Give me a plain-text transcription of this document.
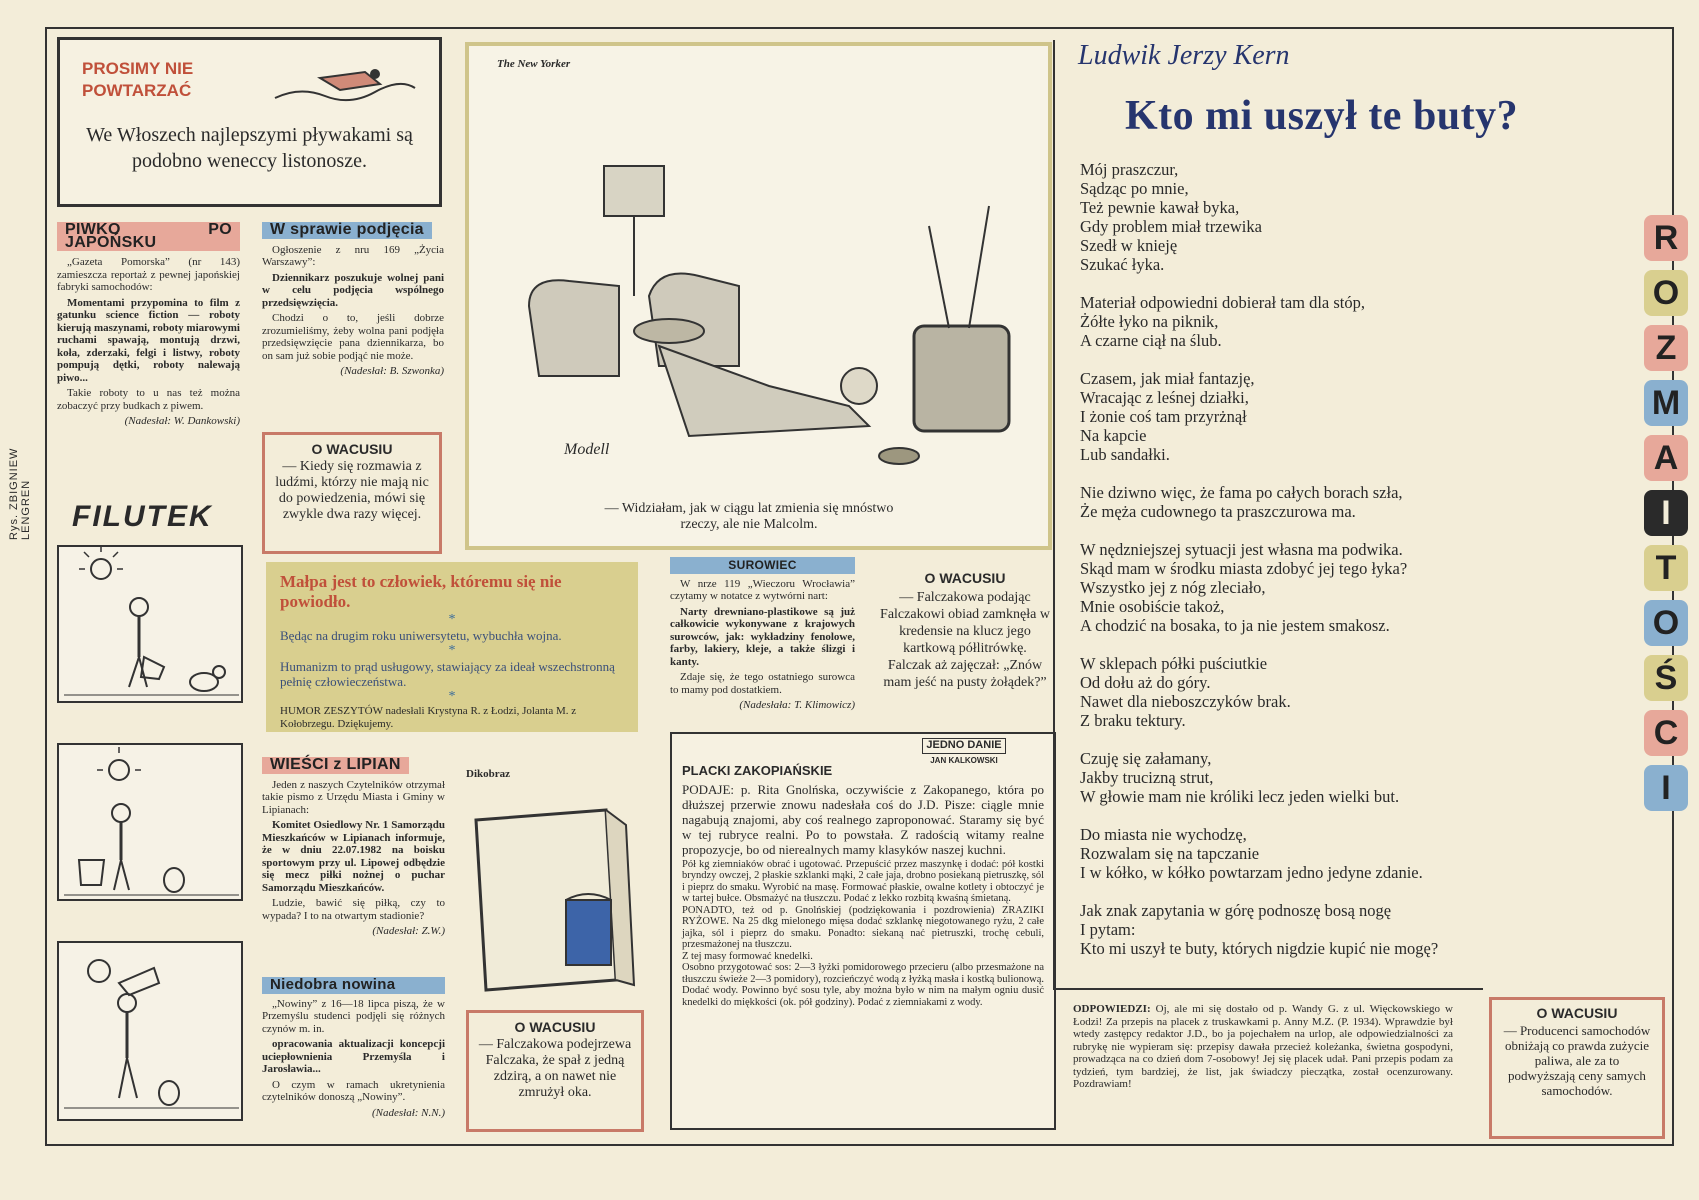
Rys. ZBIGNIEW LENGREN
PROSIMY NIE POWTARZAĆ
We Włoszech najlepszymi pływakami są podobno weneccy listonosze.
PIWKO PO JAPOŃSKU

„Gazeta Pomorska” (nr 143) zamieszcza reportaż z pewnej japońskiej fabryki samochodów:

Momentami przypomina to film z gatunku science fiction — roboty kierują maszynami, roboty miarowymi ruchami spawają, montują drzwi, koła, zderzaki, felgi i listwy, roboty pompują dętki, roboty nalewają piwo...

Takie roboty to u nas też można zobaczyć przy budkach z piwem.

(Nadesłał: W. Dankowski)
W sprawie podjęcia

Ogłoszenie z nru 169 „Życia Warszawy”:

Dziennikarz poszukuje wolnej pani w celu podjęcia wspólnego przedsięwzięcia.

Chodzi o to, jeśli dobrze zrozumieliśmy, żeby wolna pani podjęła przedsięwzięcie pana dziennikarza, bo on sam już sobie podjąć nie może.

(Nadesłał: B. Szwonka)
O WACUSIU
— Kiedy się rozmawia z ludźmi, którzy nie mają nic do powiedzenia, mówi się zwykle dwa razy więcej.
FILUTEK
The New Yorker
Modell
— Widziałam, jak w ciągu lat zmienia się mnóstwo rzeczy, ale nie Malcolm.
Małpa jest to człowiek, któremu się nie powiodło.
*
Będąc na drugim roku uniwersytetu, wybuchła wojna.
*
Humanizm to prąd usługowy, stawiający za ideał wszechstronną pełnię człowieczeństwa.
*
HUMOR ZESZYTÓW nadesłali Krystyna R. z Łodzi, Jolanta M. z Kołobrzegu. Dziękujemy.
SUROWIEC

W nrze 119 „Wieczoru Wrocławia” czytamy w notatce z wytwórni nart:

Narty drewniano-plastikowe są już całkowicie wykonywane z krajowych surowców, jak: wykładziny fenolowe, farby, lakiery, kleje, a także ślizgi i kanty.

Zdaje się, że tego ostatniego surowca to mamy pod dostatkiem.

(Nadesłała: T. Klimowicz)
O WACUSIU
— Falczakowa podając Falczakowi obiad zamknęła w kredensie na klucz jego kartkową półlitrówkę. Falczak aż zajęczał: „Znów mam jeść na pusty żołądek?”
WIEŚCI z LIPIAN

Jeden z naszych Czytelników otrzymał takie pismo z Urzędu Miasta i Gminy w Lipianach:

Komitet Osiedlowy Nr. 1 Samorządu Mieszkańców w Lipianach informuje, że w dniu 22.07.1982 na boisku sportowym przy ul. Lipowej odbędzie się mecz piłki nożnej o puchar Samorządu Mieszkańców.

Ludzie, bawić się piłką, czy to wypada? I to na otwartym stadionie?

(Nadesłał: Z.W.)
Niedobra nowina

„Nowiny” z 16—18 lipca piszą, że w Przemyślu studenci podjęli się różnych czynów m. in.

opracowania aktualizacji koncepcji uciepłownienia Przemyśla i Jarosławia...

O czym w ramach ukretynienia czytelników donoszą „Nowiny”.

(Nadesłał: N.N.)
Dikobraz
O WACUSIU
— Falczakowa podejrzewa Falczaka, że spał z jedną zdzirą, a on nawet nie zmrużył oka.
PLACKI ZAKOPIAŃSKIE
JEDNO DANIE
JAN KALKOWSKI
PODAJE: p. Rita Gnolńska, oczywiście z Zakopanego, która po dłuższej przerwie znowu nadesłała coś do J.D. Pisze: ciągle mnie nagabują znajomi, aby coś realnego zaproponować. Staramy się być w tej rubryce realni. Po to powstała. Z radością witamy realne propozycje, bo od nierealnych mamy klasyków naszej kuchni.
Pół kg ziemniaków obrać i ugotować. Przepuścić przez maszynkę i dodać: pół kostki bryndzy owczej, 2 płaskie szklanki mąki, 2 całe jaja, drobno posiekaną pietruszkę, sól i pieprz do smaku. Wyrobić na masę. Formować płaskie, owalne kotlety i obtoczyć je w tartej bułce. Obsmażyć na tłuszczu. Podać z lekko rozbitą kwaśną śmietaną.
PONADTO, też od p. Gnolńskiej (podziękowania i pozdrowienia) ZRAZIKI RYŻOWE. Na 25 dkg mielonego mięsa dodać szklankę niegotowanego ryżu, 2 całe jajka, sól i pieprz do smaku. Ponadto: siekaną nać pietruszki, trochę cebuli, przesmażonej na tłuszczu.
Z tej masy formować knedelki.
Osobno przygotować sos: 2—3 łyżki pomidorowego przecieru (albo przesmażone na tłuszczu świeże 2—3 pomidory), rozcieńczyć wodą z łyżką masła i kostką bulionową. Dodać wody. Powinno być sosu tyle, aby można było w nim na małym ogniu dusić knedelki do miękkości (ok. pół godziny). Podać z ziemniakami z wody.
ODPOWIEDZI: Oj, ale mi się dostało od p. Wandy G. z ul. Więckowskiego w Łodzi! Za przepis na placek z truskawkami p. Anny M.Z. (P. 1934). Wprawdzie był wtedy zastępcy redaktor J.D., bo ja pojechałem na urlop, ale odpowiedzialności za rubrykę nie wypieram się: przepisy dawała przecież koleżanka, świetna gospodyni, prowadząca na co dzień dom 7-osobowy! Jej się placek udał. Pani przepis podam za tydzień, tym bardziej, że list, jak świadczy pieczątka, został ocenzurowany. Pozdrawiam!
O WACUSIU
— Producenci samochodów obniżają co prawda zużycie paliwa, ale za to podwyższają ceny samych samochodów.
Ludwik Jerzy Kern
Kto mi uszył te buty?

Mój praszczur,
Sądząc po mnie,
Też pewnie kawał byka,
Gdy problem miał trzewika
Szedł w knieję
Szukać łyka.

Materiał odpowiedni dobierał tam dla stóp,
Żółte łyko na piknik,
A czarne ciął na ślub.

Czasem, jak miał fantazję,
Wracając z leśnej działki,
I żonie coś tam przyrżnął
Na kapcie
Lub sandałki.

Nie dziwno więc, że fama po całych borach szła,
Że męża cudownego ta praszczurowa ma.

W nędzniejszej sytuacji jest własna ma podwika.
Skąd mam w środku miasta zdobyć jej tego łyka?
Wszystko jej z nóg zleciało,
Mnie osobiście takoż,
A chodzić na bosaka, to ja nie jestem smakosz.

W sklepach półki puściutkie
Od dołu aż do góry.
Nawet dla nieboszczyków brak.
Z braku tektury.

Czuję się załamany,
Jakby trucizną strut,
W głowie mam nie króliki lecz jeden wielki but.

Do miasta nie wychodzę,
Rozwalam się na tapczanie
I w kółko, w kółko powtarzam jedno jedyne zdanie.

Jak znak zapytania w górę podnoszę bosą nogę
I pytam:
Kto mi uszył te buty, których nigdzie kupić nie mogę?

R
O
Z
M
A
I
T
O
Ś
C
I
